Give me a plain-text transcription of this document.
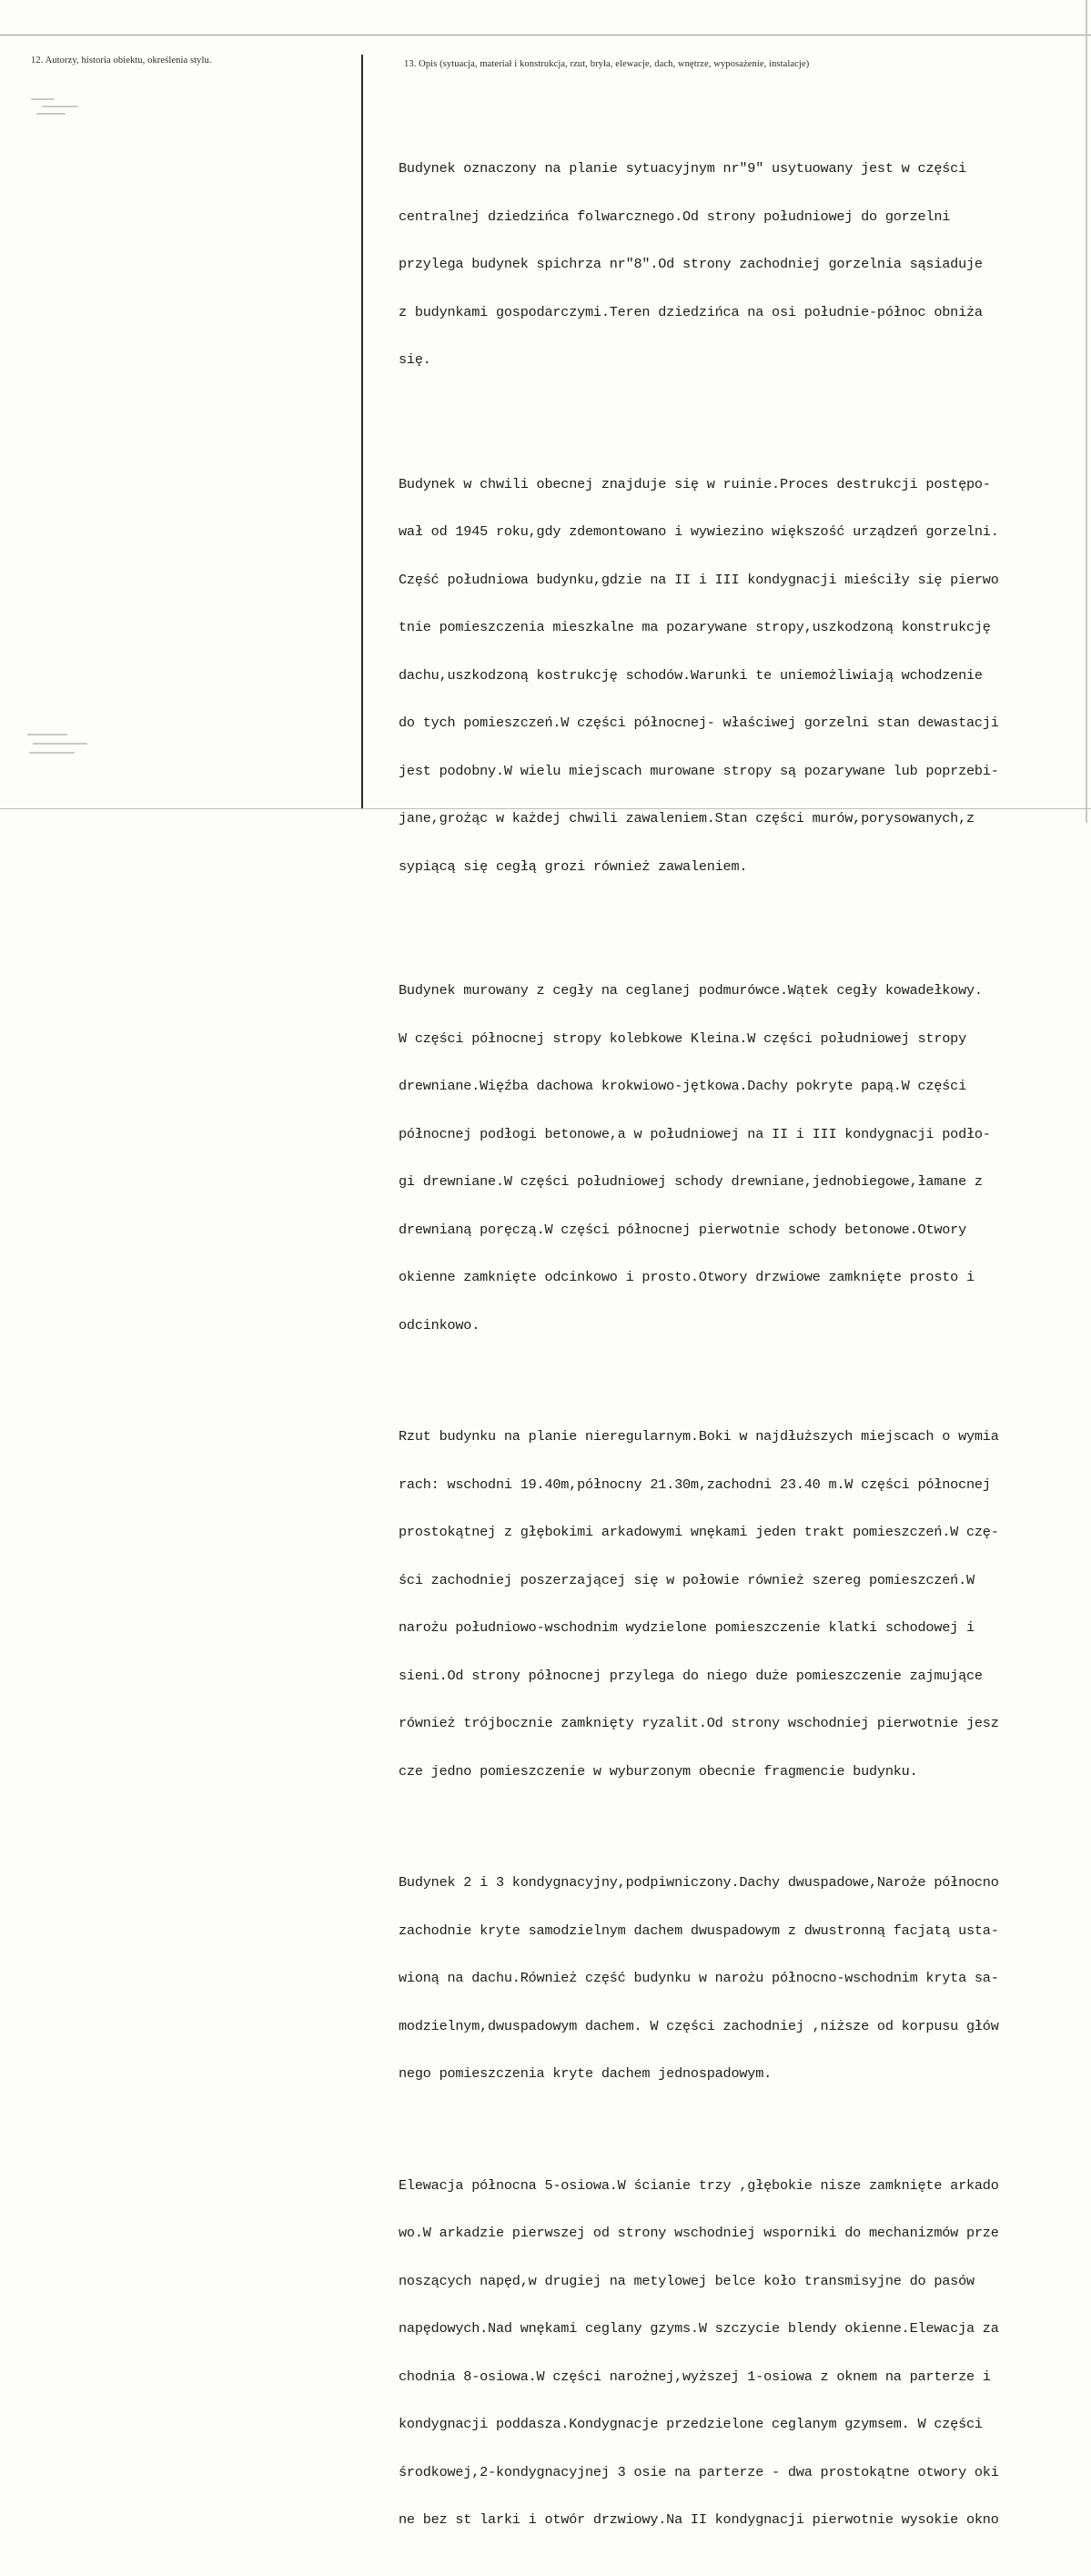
12. Autorzy, historia obiektu, określenia stylu.	13. Opis (sytuacja, materiał i konstrukcja, rzut, bryła, elewacje, dach, wnętrze, wyposażenie, instalacje)

Budynek oznaczony na planie sytuacyjnym nr"9" usytuowany jest w części

centralnej dziedzińca folwarcznego.Od strony południowej do gorzelni

przylega budynek spichrza nr"8".Od strony zachodniej gorzelnia sąsiaduje

z budynkami gospodarczymi.Teren dziedzińca na osi południe-północ obniża

się.

Budynek w chwili obecnej znajduje się w ruinie.Proces destrukcji postępo-

wał od 1945 roku,gdy zdemontowano i wywiezino większość urządzeń gorzelni.

Część południowa budynku,gdzie na II i III kondygnacji mieściły się pierwo

tnie pomieszczenia mieszkalne ma pozarywane stropy,uszkodzoną konstrukcję

dachu,uszkodzoną kostrukcję schodów.Warunki te uniemożliwiają wchodzenie

do tych pomieszczeń.W części północnej- właściwej gorzelni stan dewastacji

jest podobny.W wielu miejscach murowane stropy są pozarywane lub poprzebi-

jane,grożąc w każdej chwili zawaleniem.Stan części murów,porysowanych,z

sypiącą się cegłą grozi również zawaleniem.

Budynek murowany z cegły na ceglanej podmurówce.Wątek cegły kowadełkowy.

W części północnej stropy kolebkowe Kleina.W części południowej stropy

drewniane.Więźba dachowa krokwiowo-jętkowa.Dachy pokryte papą.W części

północnej podłogi betonowe,a w południowej na II i III kondygnacji podło-

gi drewniane.W części południowej schody drewniane,jednobiegowe,łamane z

drewnianą poręczą.W części północnej pierwotnie schody betonowe.Otwory

okienne zamknięte odcinkowo i prosto.Otwory drzwiowe zamknięte prosto i

odcinkowo.

Rzut budynku na planie nieregularnym.Boki w najdłuższych miejscach o wymia

rach: wschodni 19.40m,północny 21.30m,zachodni 23.40 m.W części północnej

prostokątnej z głębokimi arkadowymi wnękami jeden trakt pomieszczeń.W czę-

ści zachodniej poszerzającej się w połowie również szereg pomieszczeń.W

narożu południowo-wschodnim wydzielone pomieszczenie klatki schodowej i

sieni.Od strony północnej przylega do niego duże pomieszczenie zajmujące

również trójbocznie zamknięty ryzalit.Od strony wschodniej pierwotnie jesz

cze jedno pomieszczenie w wyburzonym obecnie fragmencie budynku.

Budynek 2 i 3 kondygnacyjny,podpiwniczony.Dachy dwuspadowe,Naroże północno

zachodnie kryte samodzielnym dachem dwuspadowym z dwustronną facjatą usta-

wioną na dachu.Również część budynku w narożu północno-wschodnim kryta sa-

modzielnym,dwuspadowym dachem. W części zachodniej ,niższe od korpusu głów

nego pomieszczenia kryte dachem jednospadowym.

Elewacja północna 5-osiowa.W ścianie trzy ,głębokie nisze zamknięte arkado

wo.W arkadzie pierwszej od strony wschodniej wsporniki do mechanizmów prze

noszących napęd,w drugiej na metylowej belce koło transmisyjne do pasów

napędowych.Nad wnękami ceglany gzyms.W szczycie blendy okienne.Elewacja za

chodnia 8-osiowa.W części narożnej,wyższej 1-osiowa z oknem na parterze i

kondygnacji poddasza.Kondygnacje przedzielone ceglanym gzymsem. W części

środkowej,2-kondygnacyjnej 3 osie na parterze - dwa prostokątne otwory oki

ne bez st larki i otwór drzwiowy.Na II kondygnacji pierwotnie wysokie okno
